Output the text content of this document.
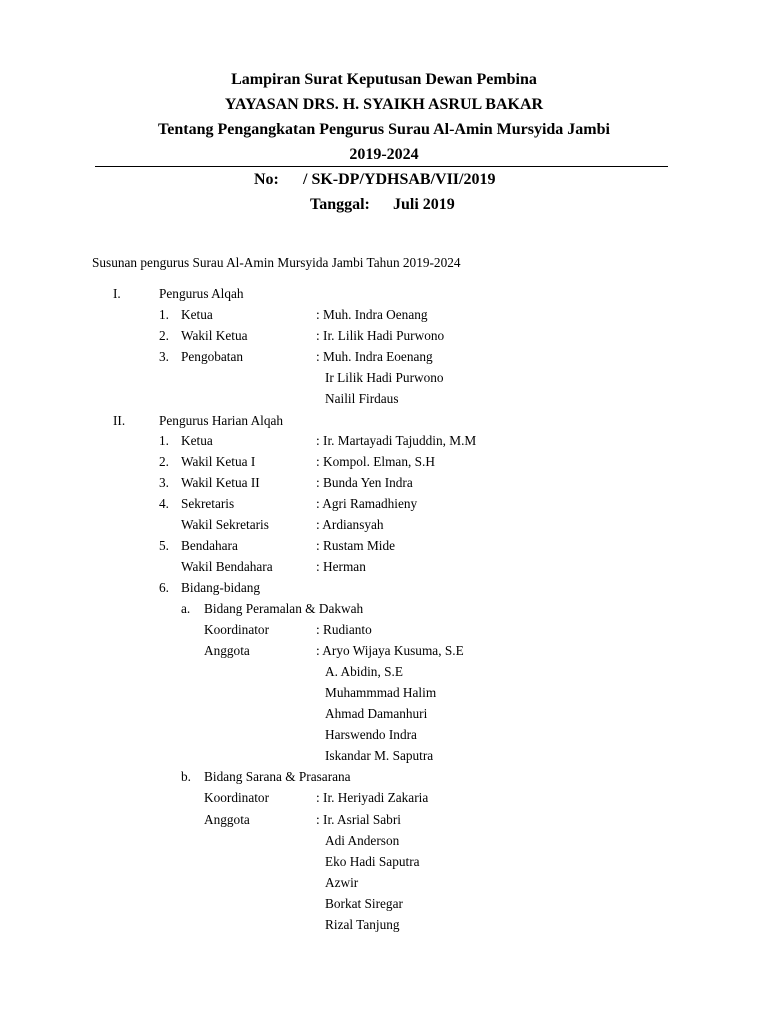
Lampiran Surat Keputusan Dewan Pembina
YAYASAN DRS. H. SYAIKH ASRUL BAKAR
Tentang Pengangkatan Pengurus Surau Al-Amin Mursyida Jambi
2019-2024
No: / SK-DP/YDHSAB/VII/2019
Tanggal: Juli 2019
Susunan pengurus Surau Al-Amin Mursyida Jambi Tahun 2019-2024
I.	Pengurus Alqah
1. Ketua	: Muh. Indra Oenang
2. Wakil Ketua	: Ir. Lilik Hadi Purwono
3. Pengobatan	: Muh. Indra Eoenang
Ir Lilik Hadi Purwono
Nailil Firdaus
II.	Pengurus Harian Alqah
1. Ketua	: Ir. Martayadi Tajuddin, M.M
2. Wakil Ketua I	: Kompol. Elman, S.H
3. Wakil Ketua II	: Bunda Yen Indra
4. Sekretaris	: Agri Ramadhieny
Wakil Sekretaris	: Ardiansyah
5. Bendahara	: Rustam Mide
Wakil Bendahara	: Herman
6. Bidang-bidang
a. Bidang Peramalan & Dakwah
Koordinator	: Rudianto
Anggota	: Aryo Wijaya Kusuma, S.E
A. Abidin, S.E
Muhammmad Halim
Ahmad Damanhuri
Harswendo Indra
Iskandar M. Saputra
b. Bidang Sarana & Prasarana
Koordinator	: Ir. Heriyadi Zakaria
Anggota	: Ir. Asrial Sabri
Adi Anderson
Eko Hadi Saputra
Azwir
Borkat Siregar
Rizal Tanjung
